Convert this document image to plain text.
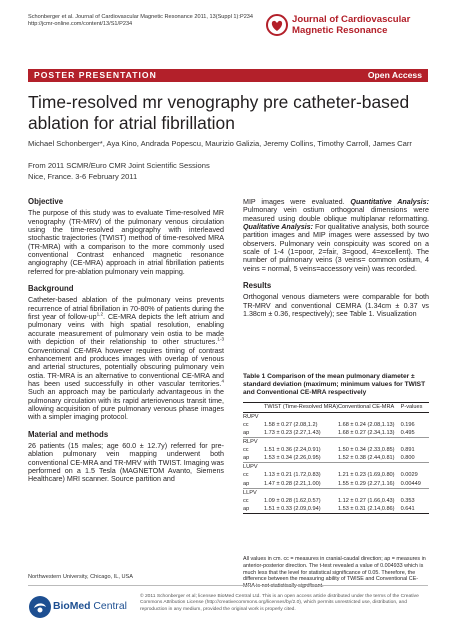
Schonberger et al. Journal of Cardiovascular Magnetic Resonance 2011, 13(Suppl 1):P234
http://jcmr-online.com/content/13/S1/P234	Journal of Cardiovascular
Magnetic Resonance
POSTER PRESENTATION	Open Access
Time-resolved mr venography pre catheter-based
ablation for atrial fibrillation
Michael Schonberger*, Aya Kino, Andrada Popescu, Maurizio Galizia, Jeremy Collins, Timothy Carroll, James Carr
From 2011 SCMR/Euro CMR Joint Scientific Sessions
Nice, France. 3-6 February 2011
Objective

The purpose of this study was to evaluate Time-resolved MR venography (TR-MRV) of the pulmonary venous circulation using the time-resolved angiography with interleaved stochastic trajectories (TWIST) method of time-resolved MRA (TR-MRA) with a comparison to the more commonly used conventional Contrast enhanced magnetic resonance angiography (CE-MRA) approach in atrial fibrillation patients referred for pre-ablation pulmonary vein mapping.

Background

Catheter-based ablation of the pulmonary veins prevents recurrence of atrial fibrillation in 70-80% of patients during the first year of follow-up$^{1,2}$. CE-MRA depicts the left atrium and pulmonary veins with high spatial resolution, enabling accurate measurement of pulmonary vein ostia to be made with depiction of their relationship to other structures.$^{1-3}$ Conventional CE-MRA however requires timing of contrast enhancement and produces images with overlap of venous and arterial structures, potentially obscuring pulmonary vein ostia. TR-MRA is an alternative to conventional CE-MRA and has been used successfully in other vascular territories.$^4$ Such an approach may be particularly advantageous in the pulmonary circulation with its rapid arteriovenous transit time, allowing acquisition of pure pulmonary venous phase images with a simpler imaging protocol.

Material and methods

26 patients (15 males; age 60.0 ± 12.7y) referred for pre-ablation pulmonary vein mapping underwent both conventional CE-MRA and TR-MRV with TWIST. Imaging was performed on a 1.5 Tesla (MAGNETOM Avanto, Siemens Healthcare) MRI scanner. Source partition and

MIP images were evaluated. Quantitative Analysis: Pulmonary vein ostium orthogonal dimensions were measured using double oblique multiplanar reformatting. Qualitative Analysis: For qualitative analysis, both source partition images and MIP images were assessed by two observers. Pulmonary vein conspicuity was scored on a scale of 1-4 (1=poor, 2=fair, 3=good, 4=excellent). The number of pulmonary veins (3 veins= common ostium, 4 veins = normal, 5 veins=accessory vein) was recorded.

Results

Orthogonal venous diameters were comparable for both TR-MRV and conventional CEMRA (1.34cm ± 0.37 vs 1.38cm ± 0.36, respectively); see Table 1. Visualization

Table 1 Comparison of the mean pulmonary diameter ± standard deviation (maximum; minimum values for TWIST and Conventional CE-MRA respectively
	TWIST (Time-Resolved MRA)	Conventional CE-MRA	P-values
RUPV			
cc	1.58 ± 0.27 (2.08,1.2)	1.68 ± 0.24 (2.08,1.13)	0.196
ap	1.73 ± 0.23 (2.27,1.43)	1.68 ± 0.27 (2.34,1.13)	0.495
RLPV			
cc	1.51 ± 0.36 (2.24,0.91)	1.50 ± 0.34 (2.33,0.85)	0.891
ap	1.53 ± 0.34 (2.26,0.95)	1.52 ± 0.38 (2.44,0.81)	0.800
LUPV			
cc	1.13 ± 0.21 (1.72,0.83)	1.21 ± 0.23 (1.69,0.80)	0.0029
ap	1.47 ± 0.28 (2.21,1.00)	1.55 ± 0.29 (2.27,1.16)	0.00449
LLPV			
cc	1.09 ± 0.28 (1.62,0.57)	1.12 ± 0.27 (1.66,0.43)	0.353
ap	1.51 ± 0.33 (2.09,0.94)	1.53 ± 0.31 (2.14,0.86)	0.641
All values in cm. cc = measures in cranial-caudal direction; ap = measures in anterior-posterior direction. The t-test revealed a value of 0.004933 which is much less that the level for statistical significance of 0.05. Therefore, the difference between the measuring ability of TWISE and Conventional CE-MRA is not statistically significant.
Northwestern University, Chicago, IL, USA
BioMed Central
© 2011 Schonberger et al; licensee BioMed Central Ltd. This is an open access article distributed under the terms of the Creative Commons Attribution License (http://creativecommons.org/licenses/by/2.0), which permits unrestricted use, distribution, and reproduction in any medium, provided the original work is properly cited.
